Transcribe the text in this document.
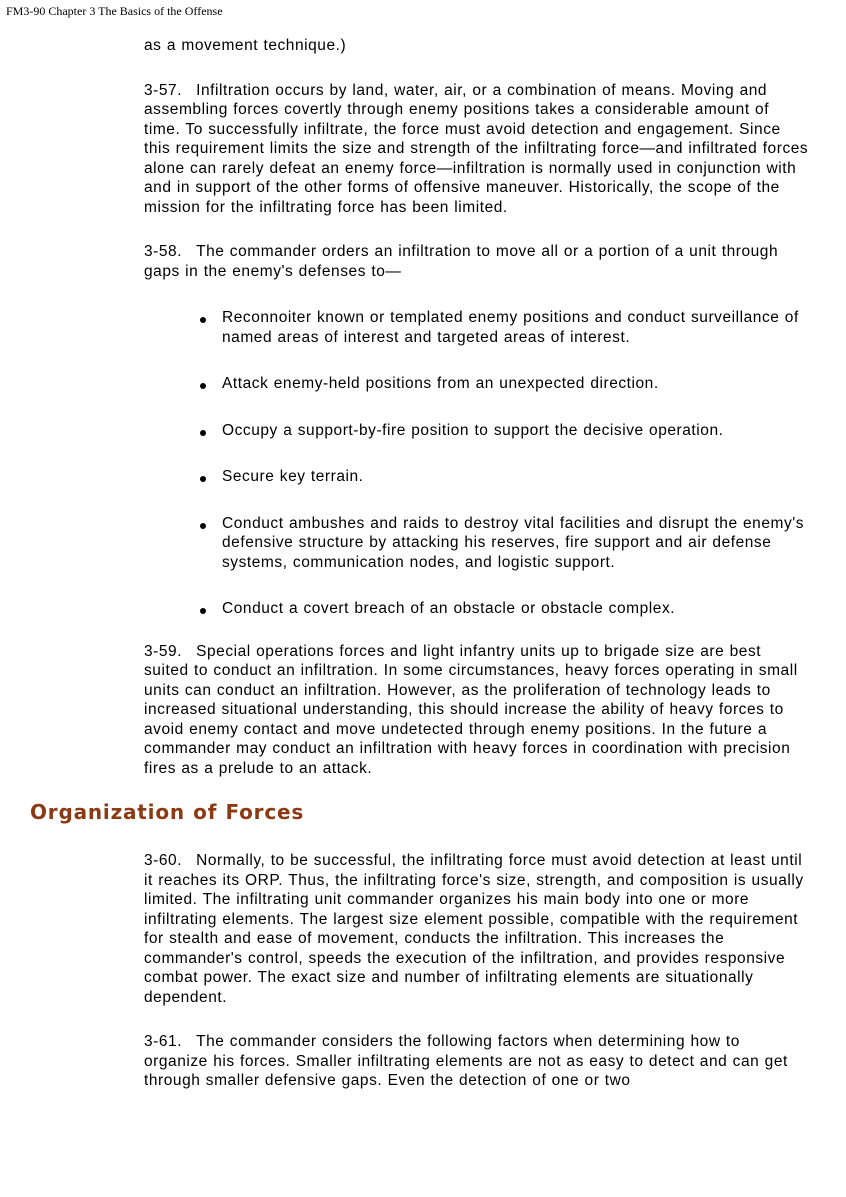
FM3-90 Chapter 3 The Basics of the Offense

as a movement technique.)

3-57. Infiltration occurs by land, water, air, or a combination of means. Moving and assembling forces covertly through enemy positions takes a considerable amount of time. To successfully infiltrate, the force must avoid detection and engagement. Since this requirement limits the size and strength of the infiltrating force—and infiltrated forces alone can rarely defeat an enemy force—infiltration is normally used in conjunction with and in support of the other forms of offensive maneuver. Historically, the scope of the mission for the infiltrating force has been limited.

3-58. The commander orders an infiltration to move all or a portion of a unit through gaps in the enemy's defenses to—

Reconnoiter known or templated enemy positions and conduct surveillance of named areas of interest and targeted areas of interest.
Attack enemy-held positions from an unexpected direction.
Occupy a support-by-fire position to support the decisive operation.
Secure key terrain.
Conduct ambushes and raids to destroy vital facilities and disrupt the enemy's defensive structure by attacking his reserves, fire support and air defense systems, communication nodes, and logistic support.
Conduct a covert breach of an obstacle or obstacle complex.

3-59. Special operations forces and light infantry units up to brigade size are best suited to conduct an infiltration. In some circumstances, heavy forces operating in small units can conduct an infiltration. However, as the proliferation of technology leads to increased situational understanding, this should increase the ability of heavy forces to avoid enemy contact and move undetected through enemy positions. In the future a commander may conduct an infiltration with heavy forces in coordination with precision fires as a prelude to an attack.

Organization of Forces

3-60. Normally, to be successful, the infiltrating force must avoid detection at least until it reaches its ORP. Thus, the infiltrating force's size, strength, and composition is usually limited. The infiltrating unit commander organizes his main body into one or more infiltrating elements. The largest size element possible, compatible with the requirement for stealth and ease of movement, conducts the infiltration. This increases the commander's control, speeds the execution of the infiltration, and provides responsive combat power. The exact size and number of infiltrating elements are situationally dependent.

3-61. The commander considers the following factors when determining how to organize his forces. Smaller infiltrating elements are not as easy to detect and can get through smaller defensive gaps. Even the detection of one or two
